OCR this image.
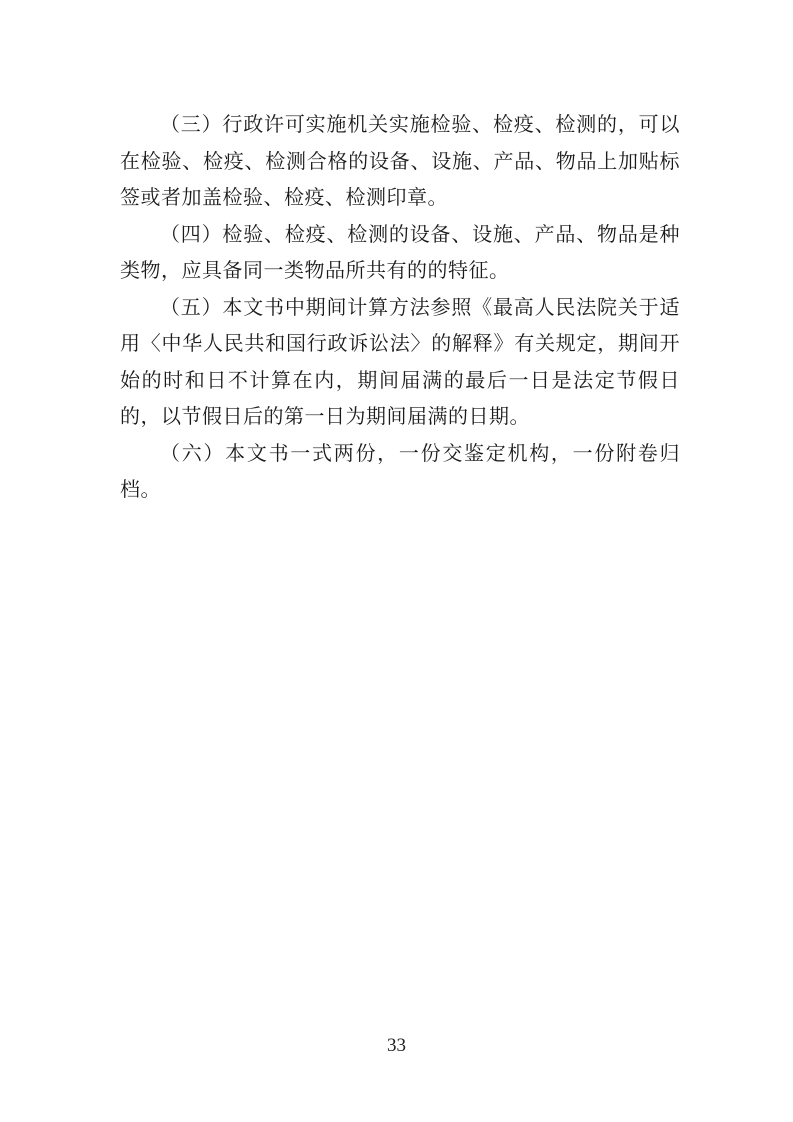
（三）行政许可实施机关实施检验、检疫、检测的，可以在检验、检疫、检测合格的设备、设施、产品、物品上加贴标签或者加盖检验、检疫、检测印章。

（四）检验、检疫、检测的设备、设施、产品、物品是种类物，应具备同一类物品所共有的的特征。

（五）本文书中期间计算方法参照《最高人民法院关于适用〈中华人民共和国行政诉讼法〉的解释》有关规定，期间开始的时和日不计算在内，期间届满的最后一日是法定节假日的，以节假日后的第一日为期间届满的日期。

（六）本文书一式两份，一份交鉴定机构，一份附卷归档。

33
